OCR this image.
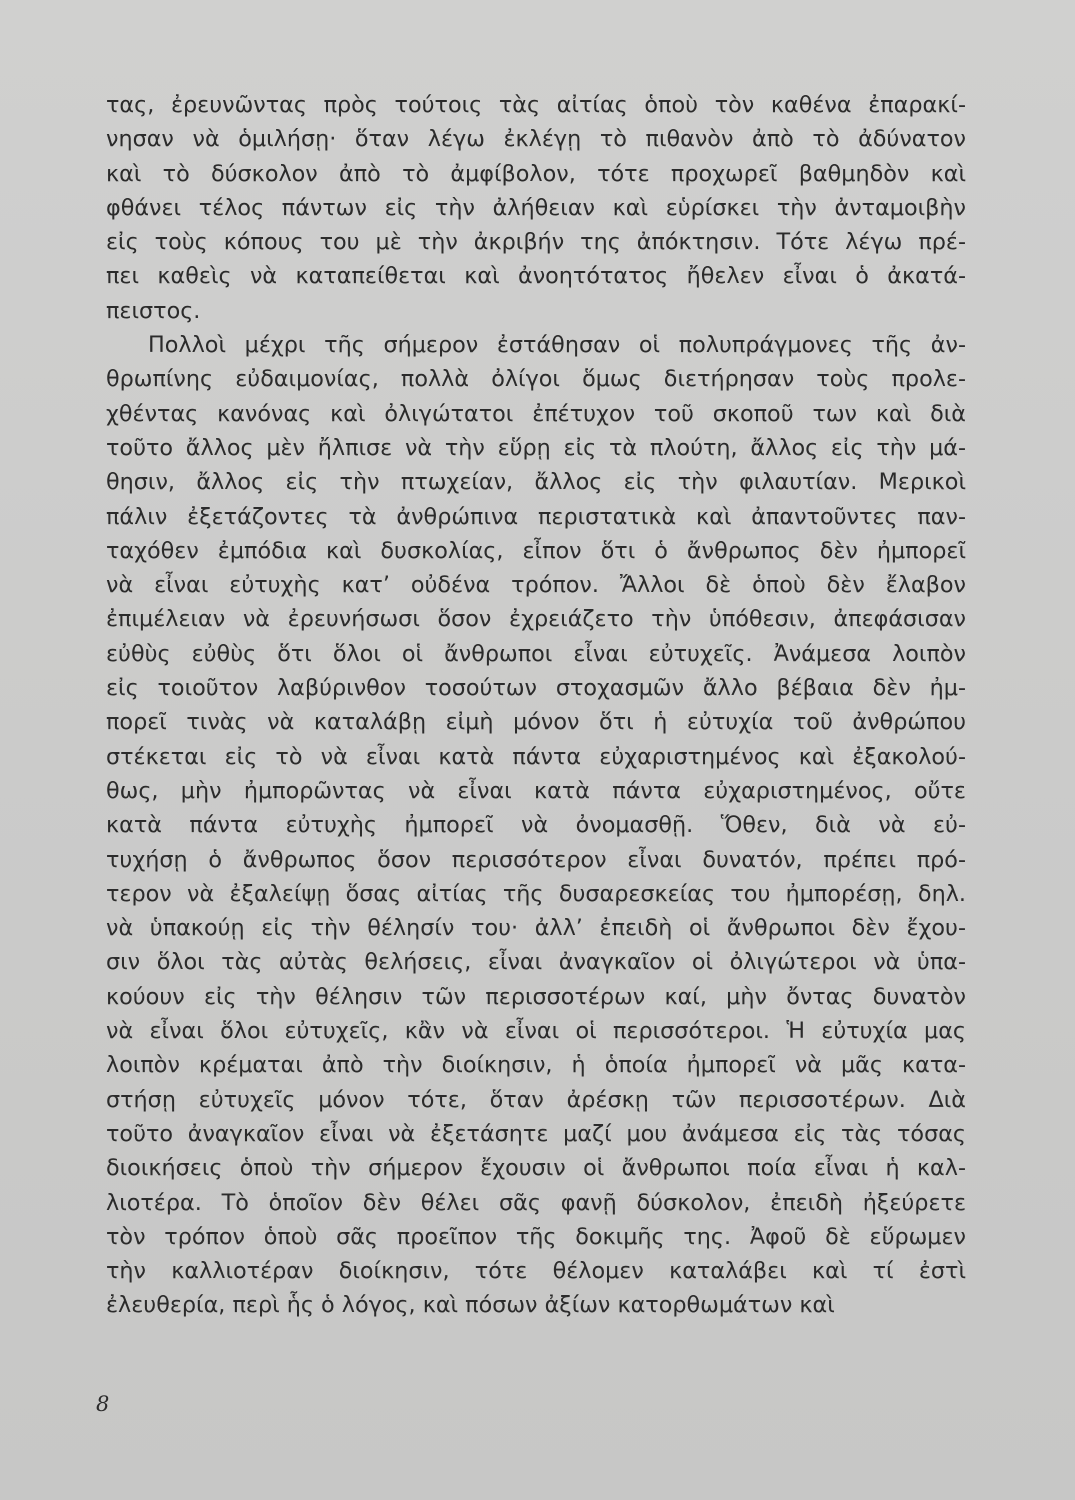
τας, ἐρευνῶντας πρὸς τούτοις τὰς αἰτίας ὁποὺ τὸν καθένα ἐπαρακί-
νησαν νὰ ὁμιλήσῃ· ὅταν λέγω ἐκλέγῃ τὸ πιθανὸν ἀπὸ τὸ ἀδύνατον
καὶ τὸ δύσκολον ἀπὸ τὸ ἀμφίβολον, τότε προχωρεῖ βαθμηδὸν καὶ
φθάνει τέλος πάντων εἰς τὴν ἀλήθειαν καὶ εὑρίσκει τὴν ἀνταμοιβὴν
εἰς τοὺς κόπους του μὲ τὴν ἀκριβήν της ἀπόκτησιν. Τότε λέγω πρέ-
πει καθεὶς νὰ καταπείθεται καὶ ἀνοητότατος ἤθελεν εἶναι ὁ ἀκατά-
πειστος.
Πολλοὶ μέχρι τῆς σήμερον ἐστάθησαν οἱ πολυπράγμονες τῆς ἀν-
θρωπίνης εὐδαιμονίας, πολλὰ ὀλίγοι ὅμως διετήρησαν τοὺς προλε-
χθέντας κανόνας καὶ ὀλιγώτατοι ἐπέτυχον τοῦ σκοποῦ των καὶ διὰ
τοῦτο ἄλλος μὲν ἤλπισε νὰ τὴν εὕρῃ εἰς τὰ πλούτη, ἄλλος εἰς τὴν μά-
θησιν, ἄλλος εἰς τὴν πτωχείαν, ἄλλος εἰς τὴν φιλαυτίαν. Μερικοὶ
πάλιν ἐξετάζοντες τὰ ἀνθρώπινα περιστατικὰ καὶ ἀπαντοῦντες παν-
ταχόθεν ἐμπόδια καὶ δυσκολίας, εἶπον ὅτι ὁ ἄνθρωπος δὲν ἠμπορεῖ
νὰ εἶναι εὐτυχὴς κατ’ οὐδένα τρόπον. Ἄλλοι δὲ ὁποὺ δὲν ἔλαβον
ἐπιμέλειαν νὰ ἐρευνήσωσι ὅσον ἐχρειάζετο τὴν ὑπόθεσιν, ἀπεφάσισαν
εὐθὺς εὐθὺς ὅτι ὅλοι οἱ ἄνθρωποι εἶναι εὐτυχεῖς. Ἀνάμεσα λοιπὸν
εἰς τοιοῦτον λαβύρινθον τοσούτων στοχασμῶν ἄλλο βέβαια δὲν ἠμ-
πορεῖ τινὰς νὰ καταλάβῃ εἰμὴ μόνον ὅτι ἡ εὐτυχία τοῦ ἀνθρώπου
στέκεται εἰς τὸ νὰ εἶναι κατὰ πάντα εὐχαριστημένος καὶ ἐξακολού-
θως, μὴν ἠμπορῶντας νὰ εἶναι κατὰ πάντα εὐχαριστημένος, οὔτε
κατὰ πάντα εὐτυχὴς ἠμπορεῖ νὰ ὀνομασθῇ. Ὅθεν, διὰ νὰ εὐ-
τυχήσῃ ὁ ἄνθρωπος ὅσον περισσότερον εἶναι δυνατόν, πρέπει πρό-
τερον νὰ ἐξαλείψῃ ὅσας αἰτίας τῆς δυσαρεσκείας του ἠμπορέσῃ, δηλ.
νὰ ὑπακούῃ εἰς τὴν θέλησίν του· ἀλλ’ ἐπειδὴ οἱ ἄνθρωποι δὲν ἔχου-
σιν ὅλοι τὰς αὐτὰς θελήσεις, εἶναι ἀναγκαῖον οἱ ὀλιγώτεροι νὰ ὑπα-
κούουν εἰς τὴν θέλησιν τῶν περισσοτέρων καί, μὴν ὄντας δυνατὸν
νὰ εἶναι ὅλοι εὐτυχεῖς, κἂν νὰ εἶναι οἱ περισσότεροι. Ἡ εὐτυχία μας
λοιπὸν κρέμαται ἀπὸ τὴν διοίκησιν, ἡ ὁποία ἠμπορεῖ νὰ μᾶς κατα-
στήσῃ εὐτυχεῖς μόνον τότε, ὅταν ἀρέσκῃ τῶν περισσοτέρων. Διὰ
τοῦτο ἀναγκαῖον εἶναι νὰ ἐξετάσητε μαζί μου ἀνάμεσα εἰς τὰς τόσας
διοικήσεις ὁποὺ τὴν σήμερον ἔχουσιν οἱ ἄνθρωποι ποία εἶναι ἡ καλ-
λιοτέρα. Τὸ ὁποῖον δὲν θέλει σᾶς φανῇ δύσκολον, ἐπειδὴ ἠξεύρετε
τὸν τρόπον ὁποὺ σᾶς προεῖπον τῆς δοκιμῆς της. Ἀφοῦ δὲ εὕρωμεν
τὴν καλλιοτέραν διοίκησιν, τότε θέλομεν καταλάβει καὶ τί ἐστὶ
ἐλευθερία, περὶ ἧς ὁ λόγος, καὶ πόσων ἀξίων κατορθωμάτων καὶ
8
